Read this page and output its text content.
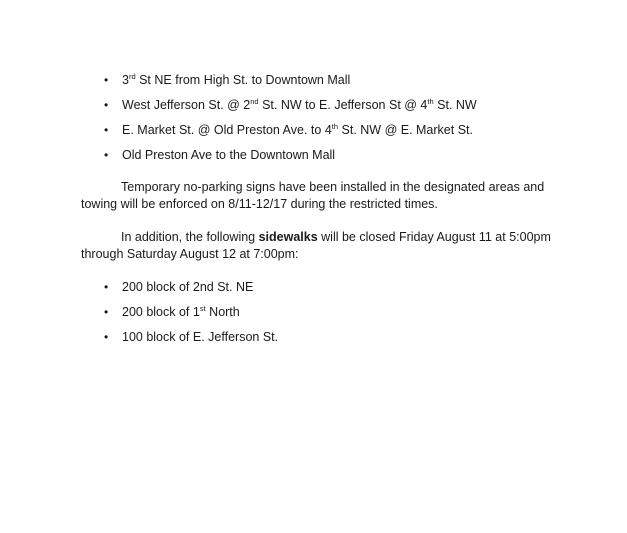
• 3rd St NE from High St. to Downtown Mall
• West Jefferson St. @ 2nd St. NW to E. Jefferson St @ 4th St. NW
• E. Market St. @ Old Preston Ave. to 4th St. NW @ E. Market St.
• Old Preston Ave to the Downtown Mall

Temporary no-parking signs have been installed in the designated areas and
towing will be enforced on 8/11-12/17 during the restricted times.

In addition, the following sidewalks will be closed Friday August 11 at 5:00pm
through Saturday August 12 at 7:00pm:

• 200 block of 2nd St. NE
• 200 block of 1st North
• 100 block of E. Jefferson St.
